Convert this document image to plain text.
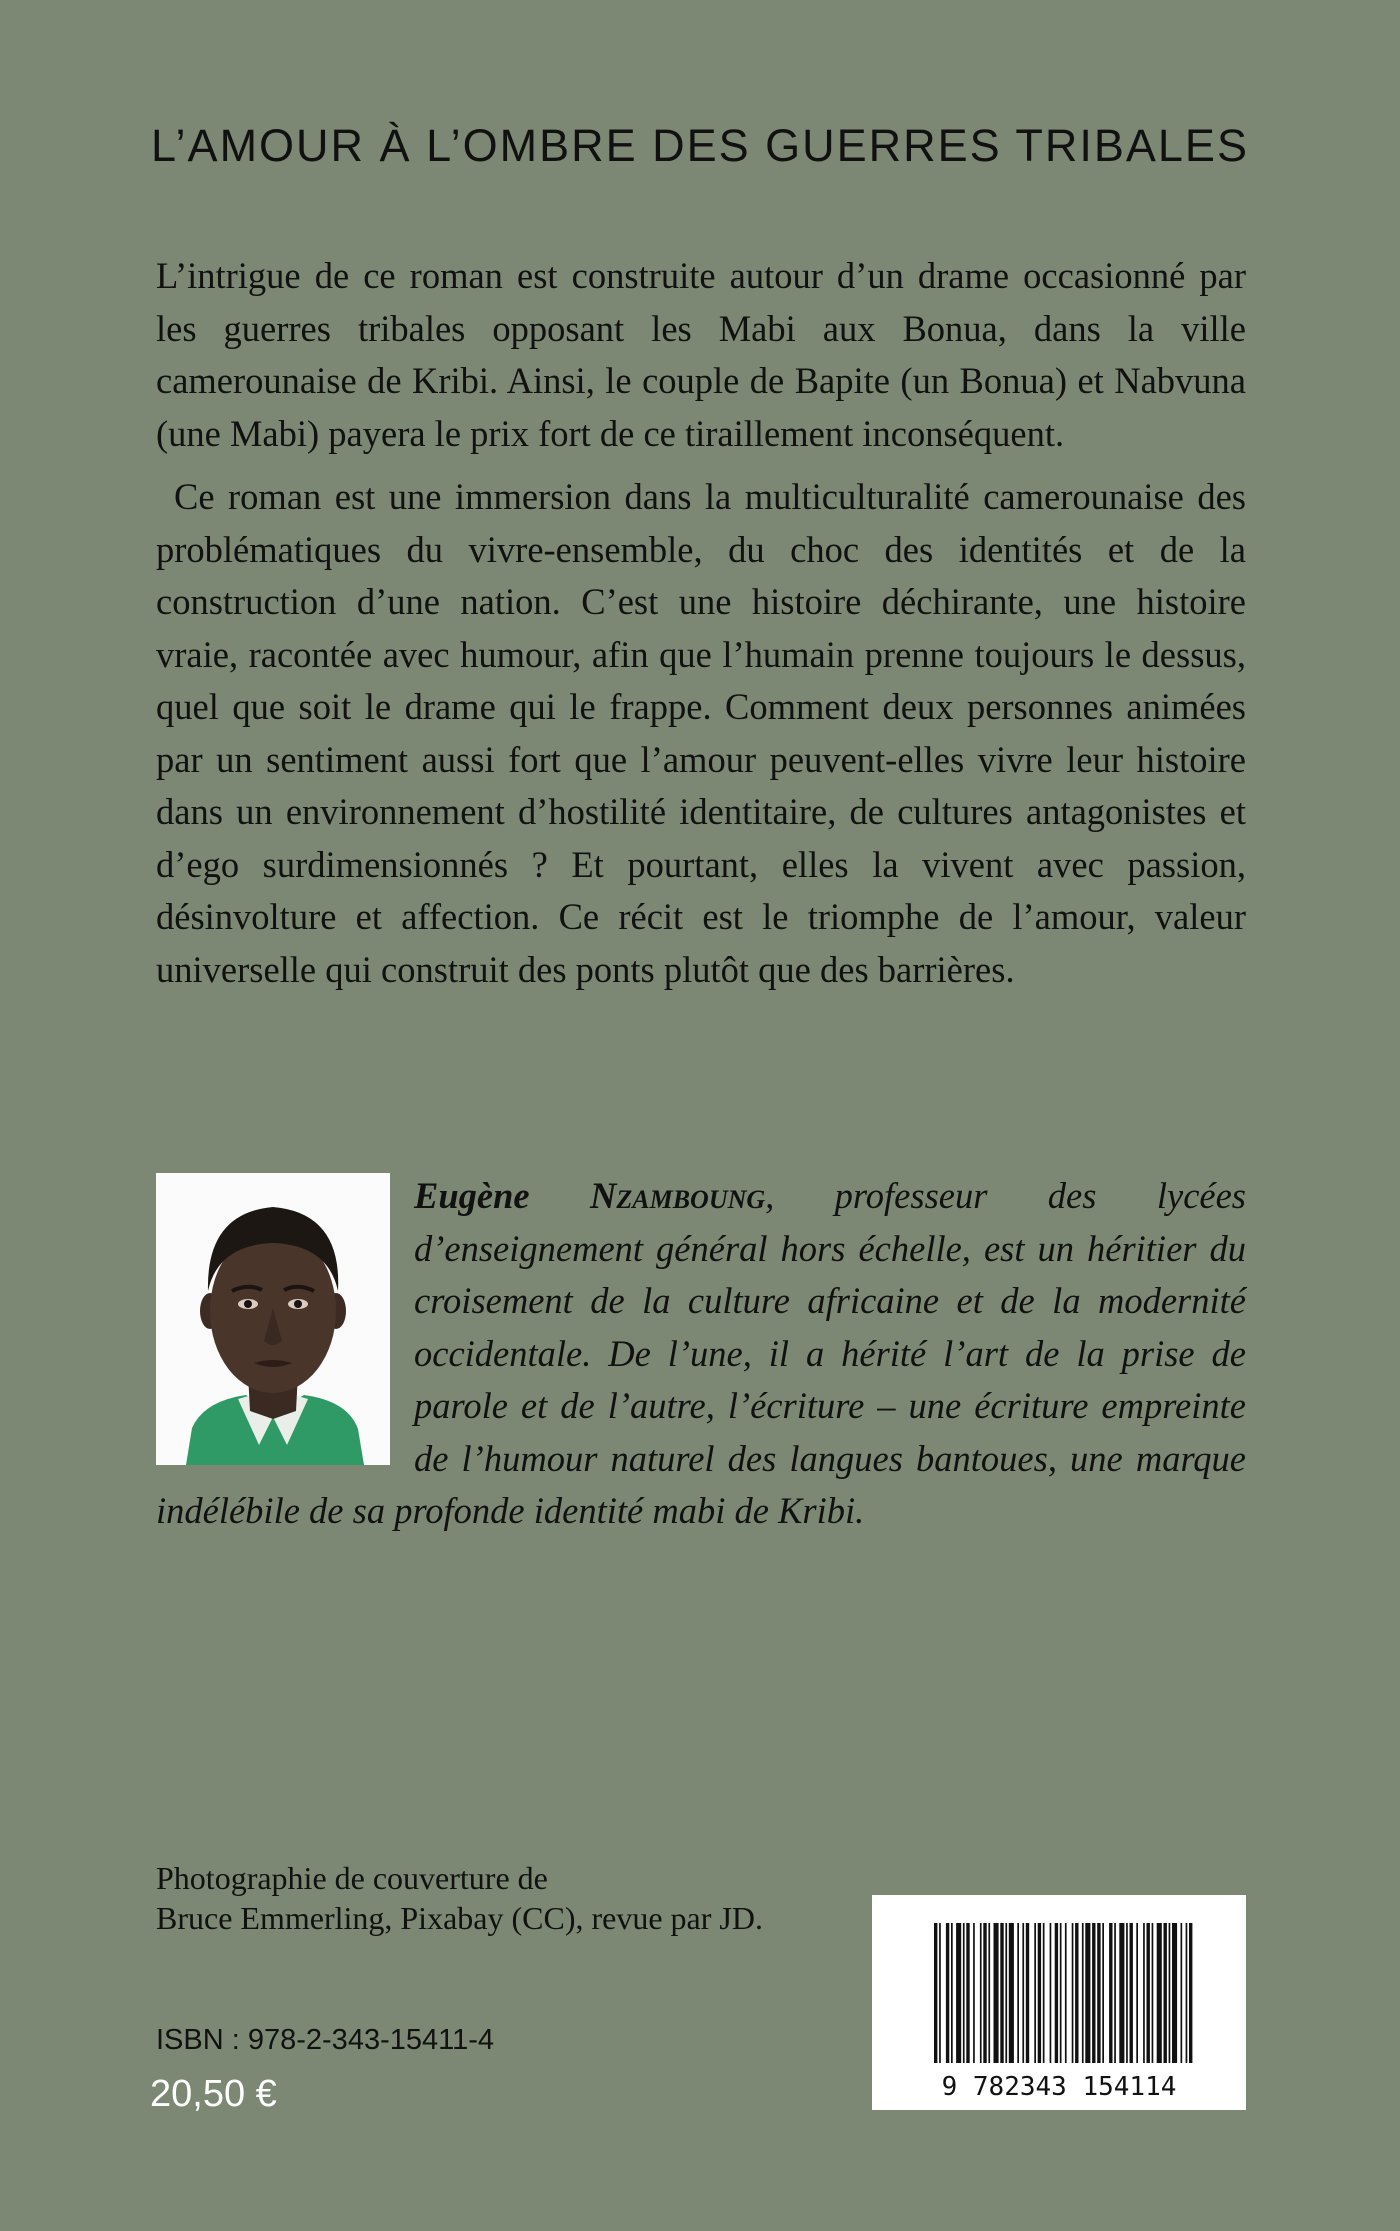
L’AMOUR À L’OMBRE DES GUERRES TRIBALES

L’intrigue de ce roman est construite autour d’un drame occasionné par les guerres tribales opposant les Mabi aux Bonua, dans la ville camerounaise de Kribi. Ainsi, le couple de Bapite (un Bonua) et Nabvuna (une Mabi) payera le prix fort de ce tiraillement inconséquent.

Ce roman est une immersion dans la multiculturalité camerounaise des problématiques du vivre-ensemble, du choc des identités et de la construction d’une nation. C’est une histoire déchirante, une histoire vraie, racontée avec humour, afin que l’humain prenne toujours le dessus, quel que soit le drame qui le frappe. Comment deux personnes animées par un sentiment aussi fort que l’amour peuvent-elles vivre leur histoire dans un environnement d’hostilité identitaire, de cultures antagonistes et d’ego surdimensionnés ? Et pourtant, elles la vivent avec passion, désinvolture et affection. Ce récit est le triomphe de l’amour, valeur universelle qui construit des ponts plutôt que des barrières.

Eugène Nzamboung, professeur des lycées d’enseignement général hors échelle, est un héritier du croisement de la culture africaine et de la modernité occidentale. De l’une, il a hérité l’art de la prise de parole et de l’autre, l’écriture – une écriture empreinte de l’humour naturel des langues bantoues, une marque indélébile de sa profonde identité mabi de Kribi.
Photographie de couverture de
Bruce Emmerling, Pixabay (CC), revue par JD.
ISBN : 978-2-343-15411-4
20,50 €	9 782343 154114
